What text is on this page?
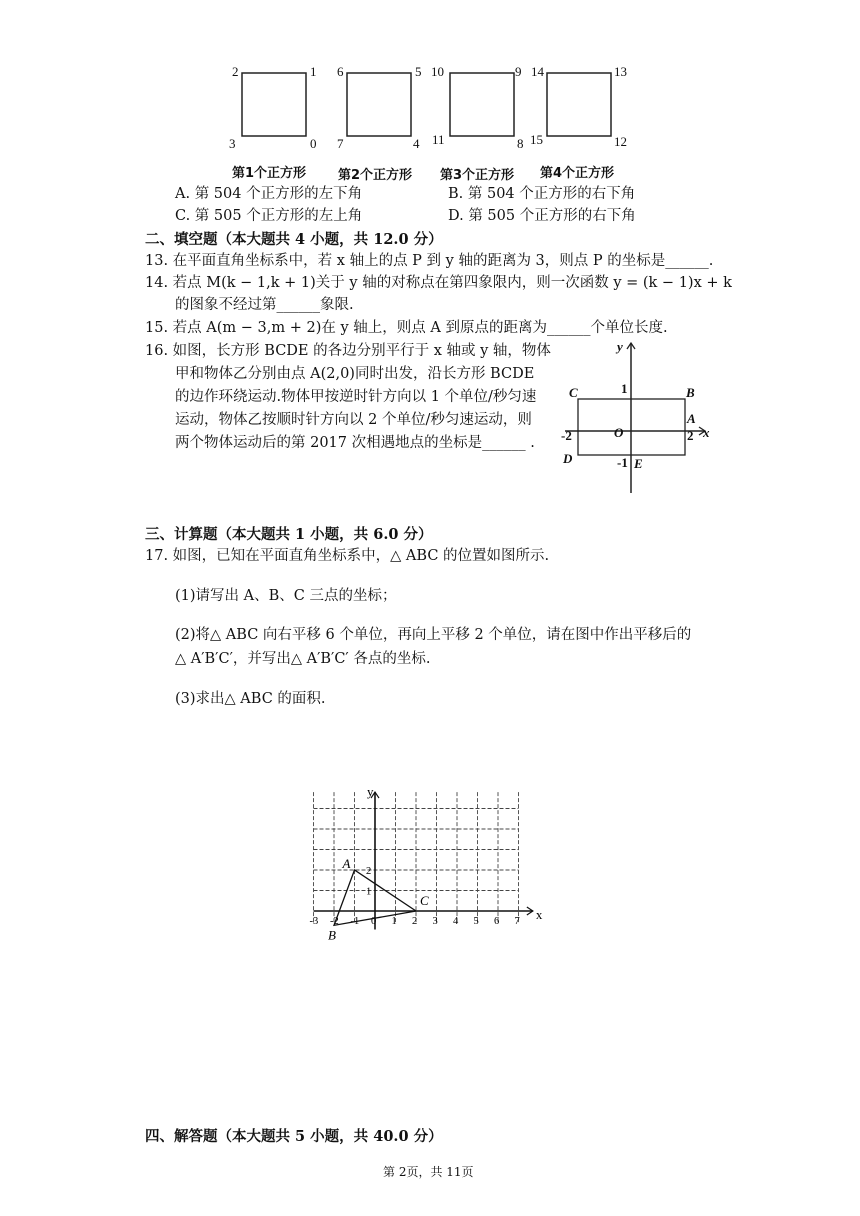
2	1
3	0
6	5
7	4
10	9
11	8
14	13
15	12
第1个正方形 第2个正方形 第3个正方形 第4个正方形
A. 第 504 个正方形的左下角	B. 第 504 个正方形的右下角
C. 第 505 个正方形的左上角	D. 第 505 个正方形的右下角
二、填空题（本大题共 4 小题，共 12.0 分）
13. 在平面直角坐标系中，若 x 轴上的点 P 到 y 轴的距离为 3，则点 P 的坐标是______.
14. 若点 M(k − 1,k + 1)关于 y 轴的对称点在第四象限内，则一次函数 y = (k − 1)x + k
的图象不经过第______象限.
15. 若点 A(m − 3,m + 2)在 y 轴上，则点 A 到原点的距离为______个单位长度.
16. 如图，长方形 BCDE 的各边分别平行于 x 轴或 y 轴，物体
甲和物体乙分别由点 A(2,0)同时出发，沿长方形 BCDE
的边作环绕运动.物体甲按逆时针方向以 1 个单位/秒匀速
运动，物体乙按顺时针方向以 2 个单位/秒匀速运动，则
两个物体运动后的第 2017 次相遇地点的坐标是______ .
y
x
O
C	B
D	E
A
1
-1
-2	2
三、计算题（本大题共 1 小题，共 6.0 分）
17. 如图，已知在平面直角坐标系中，△ ABC 的位置如图所示.
(1)请写出 A、B、C 三点的坐标；
(2)将△ ABC 向右平移 6 个单位，再向上平移 2 个单位，请在图中作出平移后的
△ A′B′C′，并写出△ A′B′C′ 各点的坐标.
(3)求出△ ABC 的面积.
y
x
-3 -2 -1 0 1 2 3 4 5 6 7
1
2
A
B
C
四、解答题（本大题共 5 小题，共 40.0 分）
第 2页，共 11页
